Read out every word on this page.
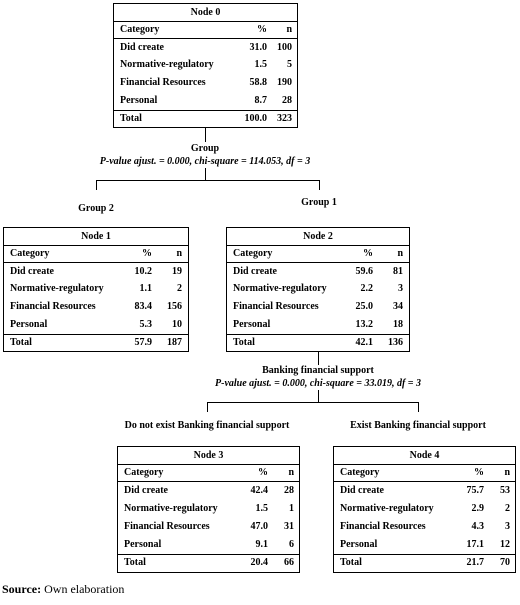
Node 0
Category	%	n
Did create	31.0	100
Normative-regulatory	1.5	5
Financial Resources	58.8	190
Personal	8.7	28
Total	100.0	323
Group
P-value ajust. = 0.000, chi-square = 114.053, df = 3
Group 2
Group 1
Node 1
Category	%	n
Did create	10.2	19
Normative-regulatory	1.1	2
Financial Resources	83.4	156
Personal	5.3	10
Total	57.9	187
Node 2
Category	%	n
Did create	59.6	81
Normative-regulatory	2.2	3
Financial Resources	25.0	34
Personal	13.2	18
Total	42.1	136
Banking financial support
P-value ajust. = 0.000, chi-square = 33.019, df = 3
Do not exist Banking financial support	Exist Banking financial support
Node 3
Category	%	n
Did create	42.4	28
Normative-regulatory	1.5	1
Financial Resources	47.0	31
Personal	9.1	6
Total	20.4	66
Node 4
Category	%	n
Did create	75.7	53
Normative-regulatory	2.9	2
Financial Resources	4.3	3
Personal	17.1	12
Total	21.7	70
Source: Own elaboration
